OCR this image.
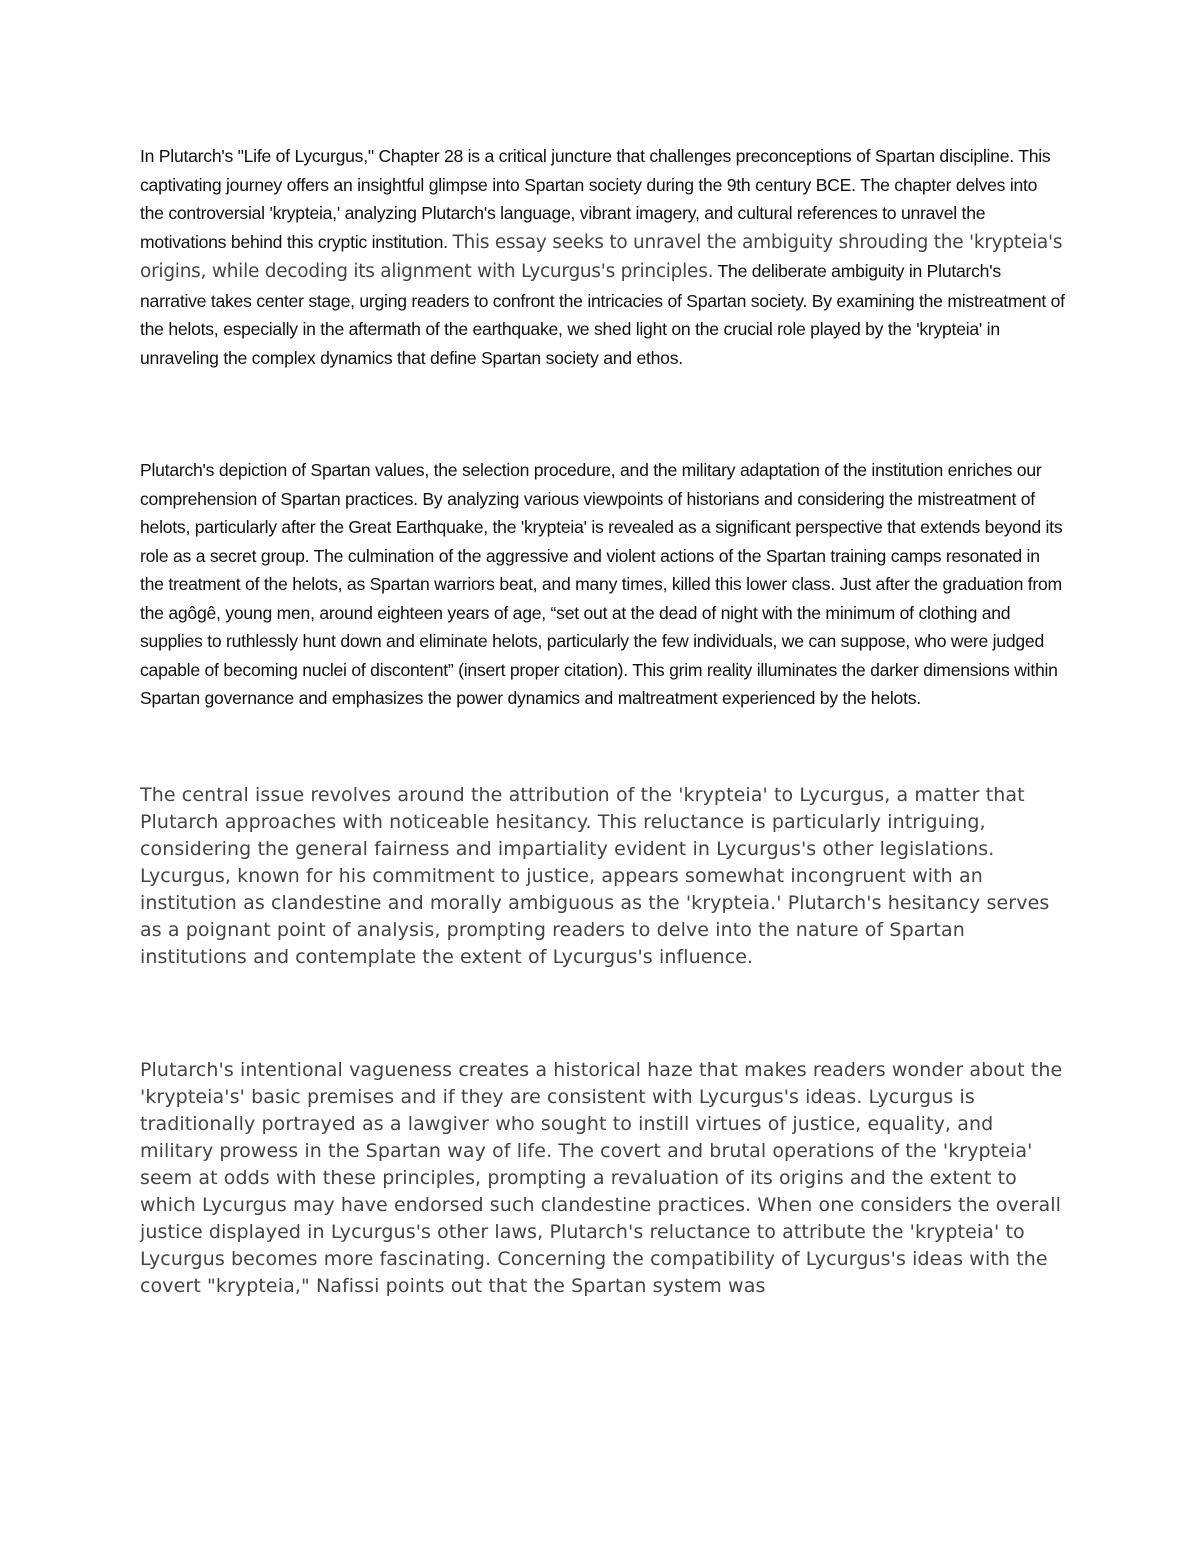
In Plutarch's "Life of Lycurgus," Chapter 28 is a critical juncture that challenges preconceptions of Spartan discipline. This captivating journey offers an insightful glimpse into Spartan society during the 9th century BCE. The chapter delves into the controversial 'krypteia,' analyzing Plutarch's language, vibrant imagery, and cultural references to unravel the motivations behind this cryptic institution. This essay seeks to unravel the ambiguity shrouding the 'krypteia's origins, while decoding its alignment with Lycurgus's principles. The deliberate ambiguity in Plutarch's narrative takes center stage, urging readers to confront the intricacies of Spartan society. By examining the mistreatment of the helots, especially in the aftermath of the earthquake, we shed light on the crucial role played by the 'krypteia' in unraveling the complex dynamics that define Spartan society and ethos.

Plutarch's depiction of Spartan values, the selection procedure, and the military adaptation of the institution enriches our comprehension of Spartan practices. By analyzing various viewpoints of historians and considering the mistreatment of helots, particularly after the Great Earthquake, the 'krypteia' is revealed as a significant perspective that extends beyond its role as a secret group. The culmination of the aggressive and violent actions of the Spartan training camps resonated in the treatment of the helots, as Spartan warriors beat, and many times, killed this lower class. Just after the graduation from the agôgê, young men, around eighteen years of age, “set out at the dead of night with the minimum of clothing and supplies to ruthlessly hunt down and eliminate helots, particularly the few individuals, we can suppose, who were judged capable of becoming nuclei of discontent” (insert proper citation). This grim reality illuminates the darker dimensions within Spartan governance and emphasizes the power dynamics and maltreatment experienced by the helots.

The central issue revolves around the attribution of the 'krypteia' to Lycurgus, a matter that Plutarch approaches with noticeable hesitancy. This reluctance is particularly intriguing, considering the general fairness and impartiality evident in Lycurgus's other legislations. Lycurgus, known for his commitment to justice, appears somewhat incongruent with an institution as clandestine and morally ambiguous as the 'krypteia.' Plutarch's hesitancy serves as a poignant point of analysis, prompting readers to delve into the nature of Spartan institutions and contemplate the extent of Lycurgus's influence.

Plutarch's intentional vagueness creates a historical haze that makes readers wonder about the 'krypteia's' basic premises and if they are consistent with Lycurgus's ideas. Lycurgus is traditionally portrayed as a lawgiver who sought to instill virtues of justice, equality, and military prowess in the Spartan way of life. The covert and brutal operations of the 'krypteia' seem at odds with these principles, prompting a revaluation of its origins and the extent to which Lycurgus may have endorsed such clandestine practices. When one considers the overall justice displayed in Lycurgus's other laws, Plutarch's reluctance to attribute the 'krypteia' to Lycurgus becomes more fascinating. Concerning the compatibility of Lycurgus's ideas with the covert "krypteia," Nafissi points out that the Spartan system was
